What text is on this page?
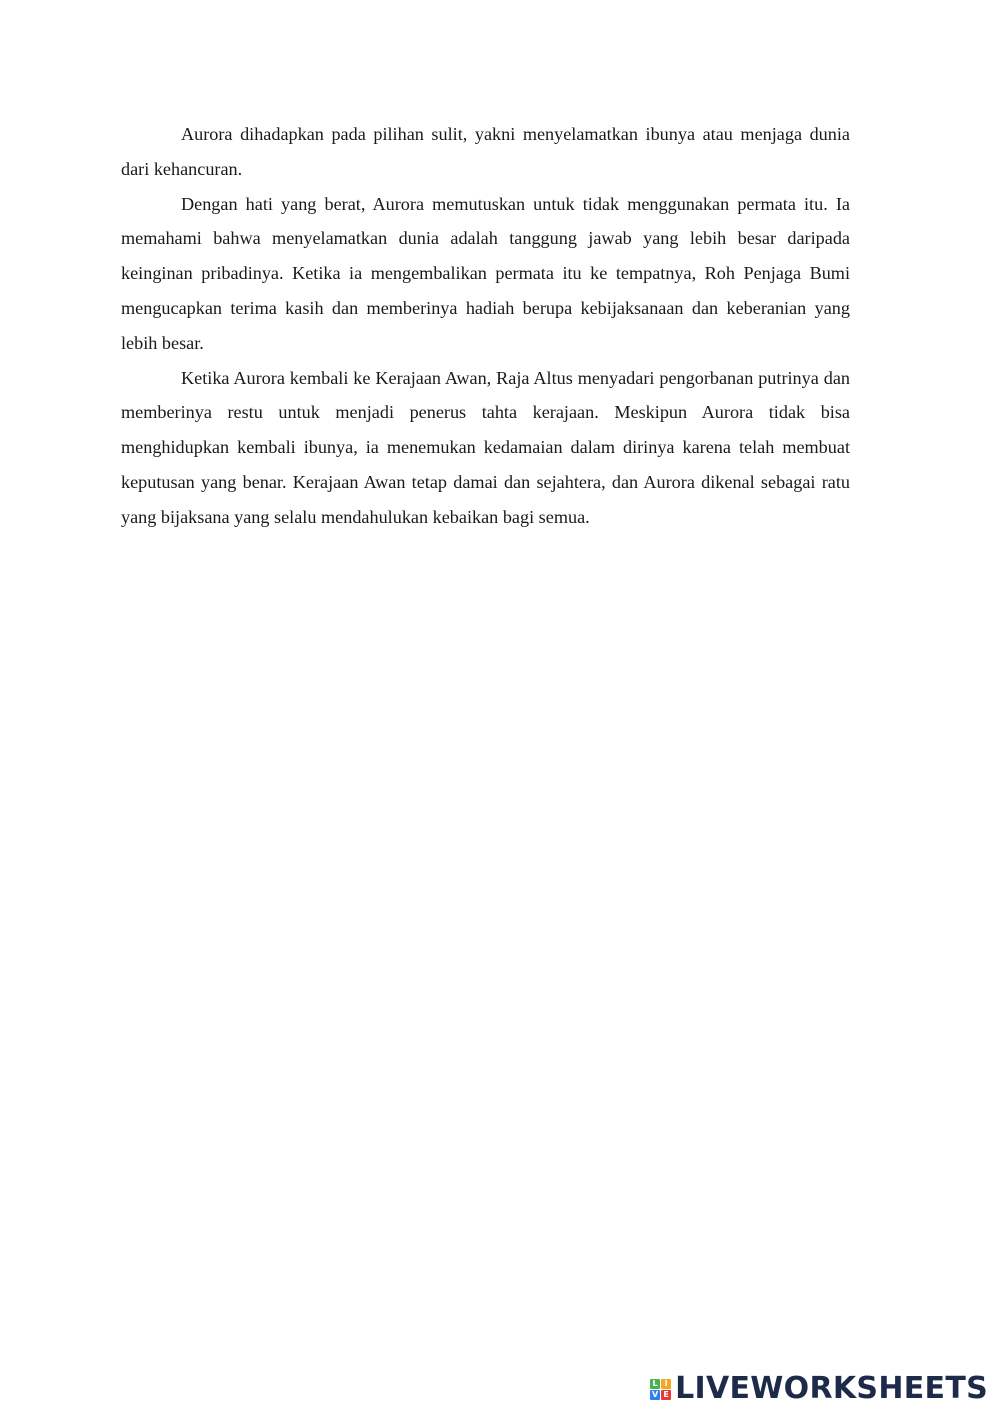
Aurora dihadapkan pada pilihan sulit, yakni menyelamatkan ibunya atau menjaga dunia dari kehancuran.

Dengan hati yang berat, Aurora memutuskan untuk tidak menggunakan permata itu. Ia memahami bahwa menyelamatkan dunia adalah tanggung jawab yang lebih besar daripada keinginan pribadinya. Ketika ia mengembalikan permata itu ke tempatnya, Roh Penjaga Bumi mengucapkan terima kasih dan memberinya hadiah berupa kebijaksanaan dan keberanian yang lebih besar.

Ketika Aurora kembali ke Kerajaan Awan, Raja Altus menyadari pengorbanan putrinya dan memberinya restu untuk menjadi penerus tahta kerajaan. Meskipun Aurora tidak bisa menghidupkan kembali ibunya, ia menemukan kedamaian dalam dirinya karena telah membuat keputusan yang benar. Kerajaan Awan tetap damai dan sejahtera, dan Aurora dikenal sebagai ratu yang bijaksana yang selalu mendahulukan kebaikan bagi semua.

L I
V E LIVEWORKSHEETS
